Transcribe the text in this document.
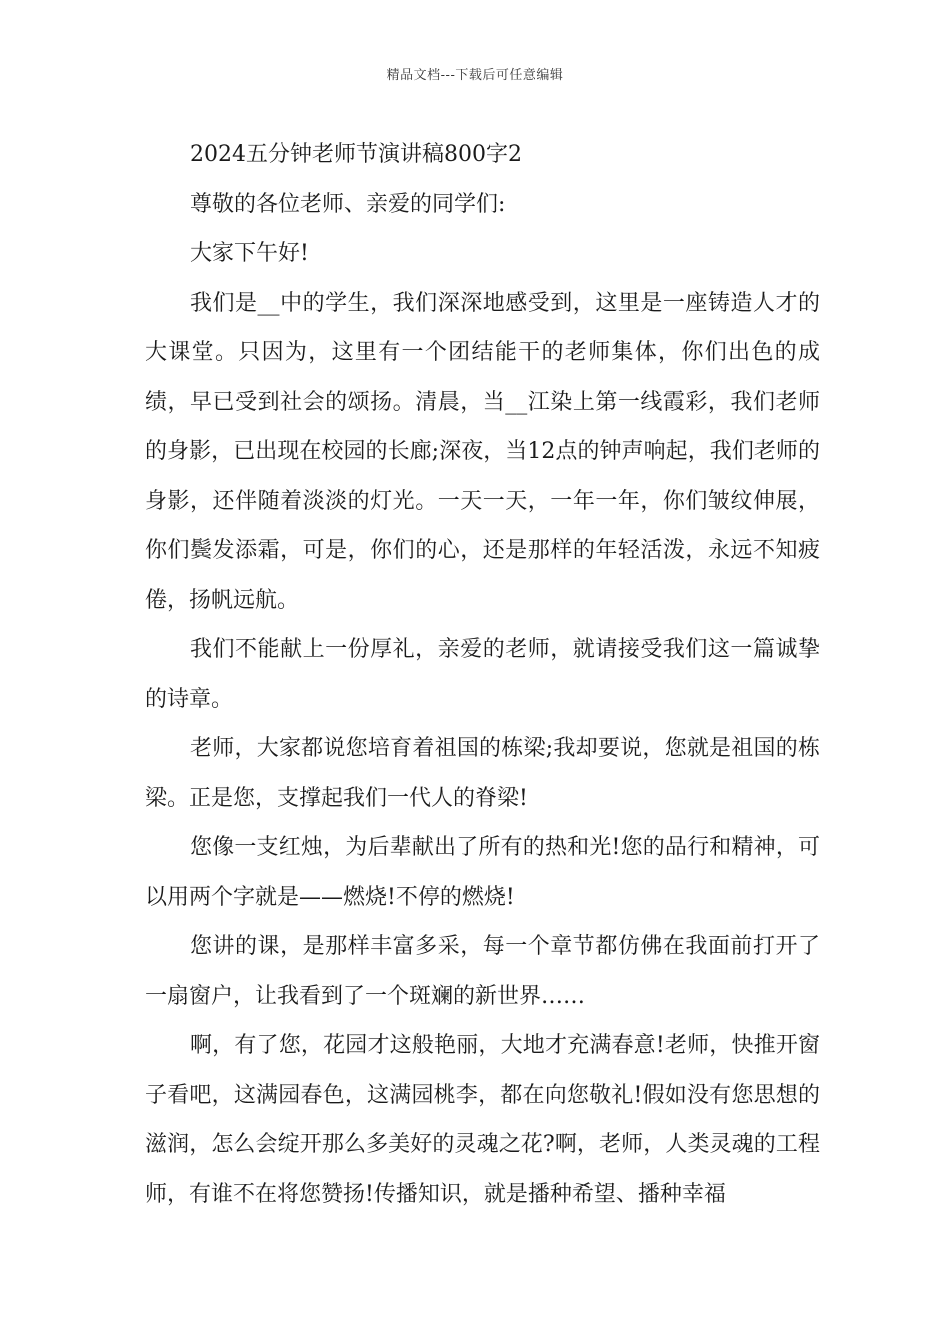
精品文档---下载后可任意编辑

2024五分钟老师节演讲稿800字2

尊敬的各位老师、亲爱的同学们:

大家下午好!

我们是__中的学生，我们深深地感受到，这里是一座铸造人才的大课堂。只因为，这里有一个团结能干的老师集体，你们出色的成绩，早已受到社会的颂扬。清晨，当__江染上第一线霞彩，我们老师的身影，已出现在校园的长廊;深夜，当12点的钟声响起，我们老师的身影，还伴随着淡淡的灯光。一天一天，一年一年，你们皱纹伸展，你们鬓发添霜，可是，你们的心，还是那样的年轻活泼，永远不知疲倦，扬帆远航。

我们不能献上一份厚礼，亲爱的老师，就请接受我们这一篇诚挚的诗章。

老师，大家都说您培育着祖国的栋梁;我却要说，您就是祖国的栋梁。正是您，支撑起我们一代人的脊梁!

您像一支红烛，为后辈献出了所有的热和光!您的品行和精神，可以用两个字就是——燃烧!不停的燃烧!

您讲的课，是那样丰富多采，每一个章节都仿佛在我面前打开了一扇窗户，让我看到了一个斑斓的新世界……

啊，有了您，花园才这般艳丽，大地才充满春意!老师，快推开窗子看吧，这满园春色，这满园桃李，都在向您敬礼!假如没有您思想的滋润，怎么会绽开那么多美好的灵魂之花?啊，老师，人类灵魂的工程师，有谁不在将您赞扬!传播知识，就是播种希望、播种幸福
